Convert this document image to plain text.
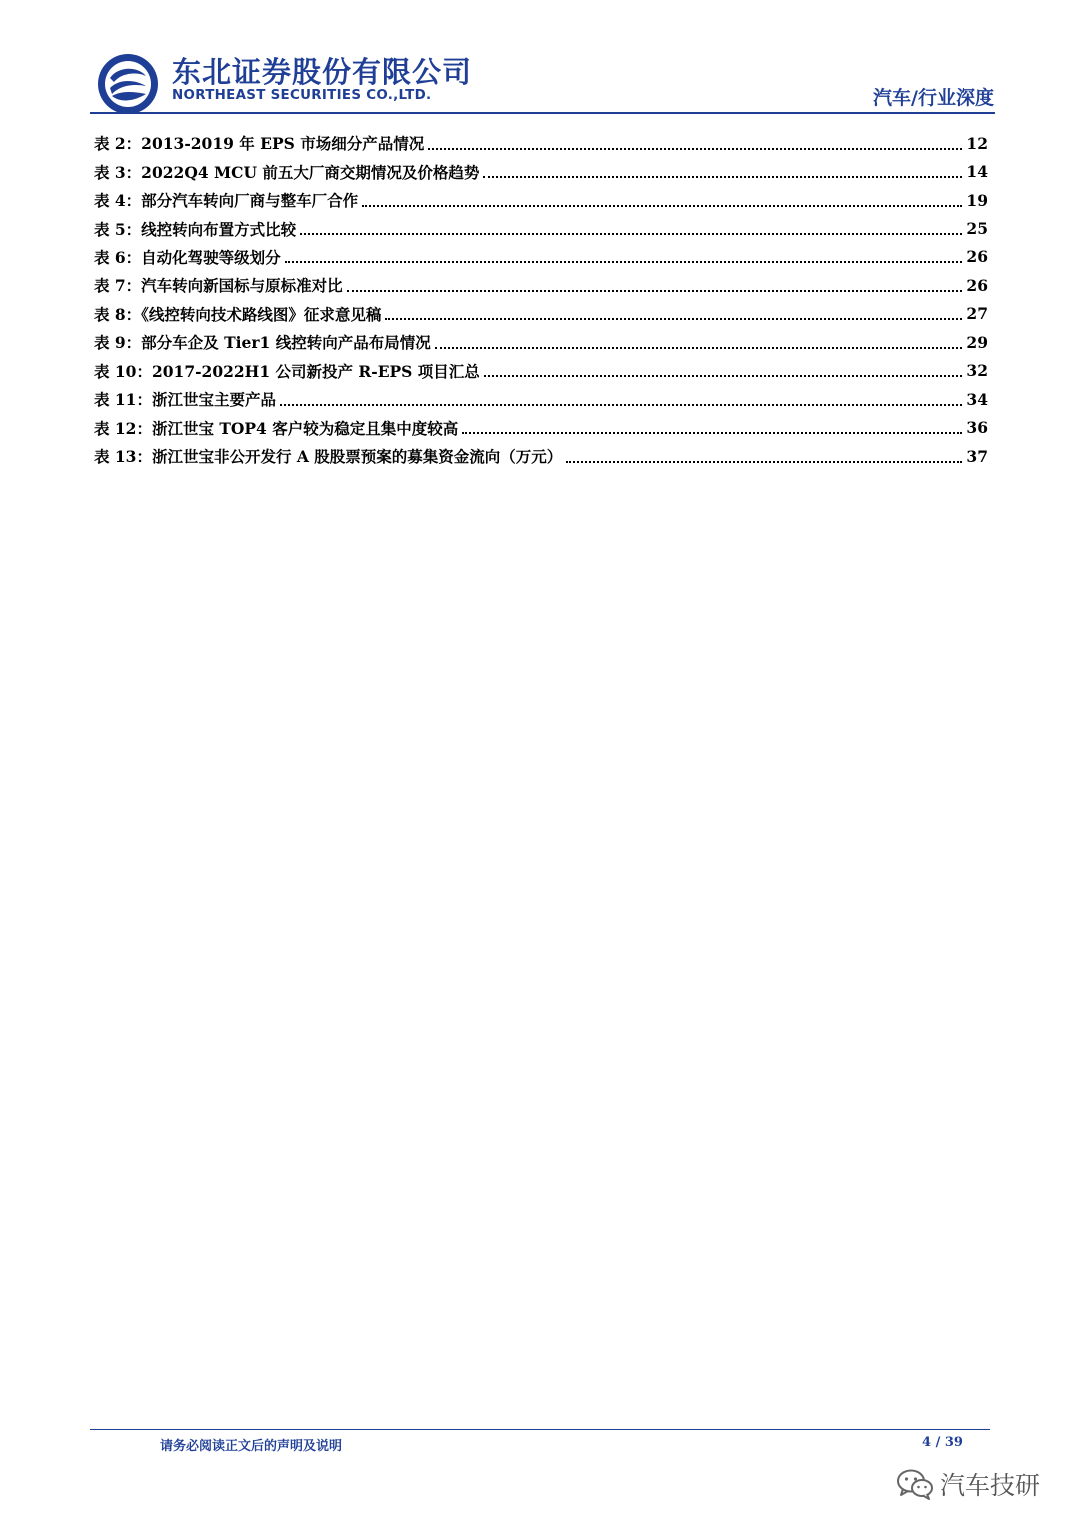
东北证券股份有限公司
NORTHEAST SECURITIES CO.,LTD.	汽车/行业深度
表 2：2013-2019 年 EPS 市场细分产品情况	12
表 3：2022Q4 MCU 前五大厂商交期情况及价格趋势	14
表 4：部分汽车转向厂商与整车厂合作	19
表 5：线控转向布置方式比较	25
表 6：自动化驾驶等级划分	26
表 7：汽车转向新国标与原标准对比	26
表 8：《线控转向技术路线图》征求意见稿	27
表 9：部分车企及 Tier1 线控转向产品布局情况	29
表 10：2017-2022H1 公司新投产 R-EPS 项目汇总	32
表 11：浙江世宝主要产品	34
表 12：浙江世宝 TOP4 客户较为稳定且集中度较高	36
表 13：浙江世宝非公开发行 A 股股票预案的募集资金流向（万元）	37
请务必阅读正文后的声明及说明	4 / 39
汽车技研
